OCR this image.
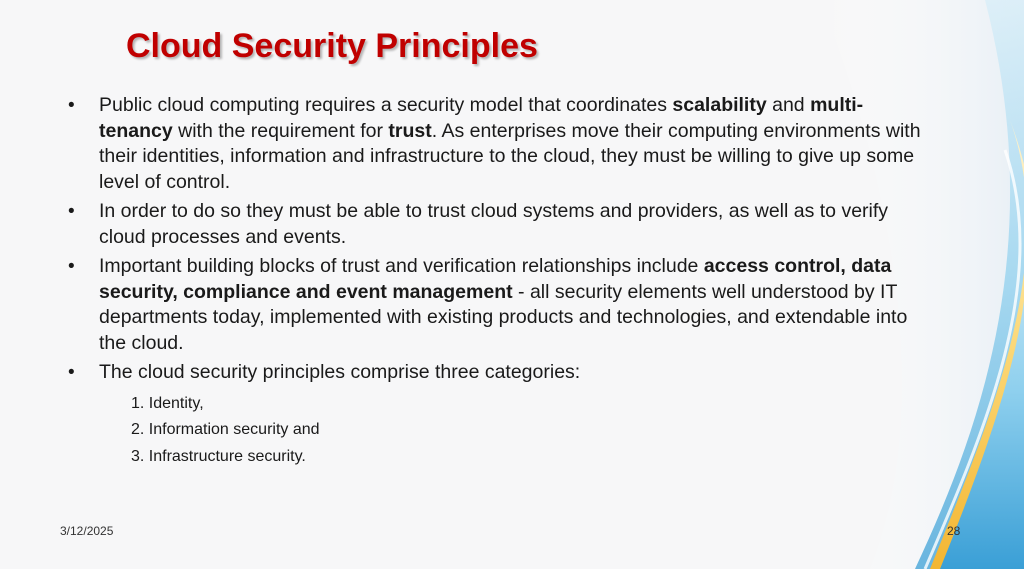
Cloud Security Principles
•	Public cloud computing requires a security model that coordinates scalability and multi-tenancy with the requirement for trust. As enterprises move their computing environments with their identities, information and infrastructure to the cloud, they must be willing to give up some level of control.
•	In order to do so they must be able to trust cloud systems and providers, as well as to verify cloud processes and events.
•	Important building blocks of trust and verification relationships include access control, data security, compliance and event management - all security elements well understood by IT departments today, implemented with existing products and technologies, and extendable into the cloud.
•	The cloud security principles comprise three categories:
1. Identity,
2. Information security and
3. Infrastructure security.
3/12/2025	28
